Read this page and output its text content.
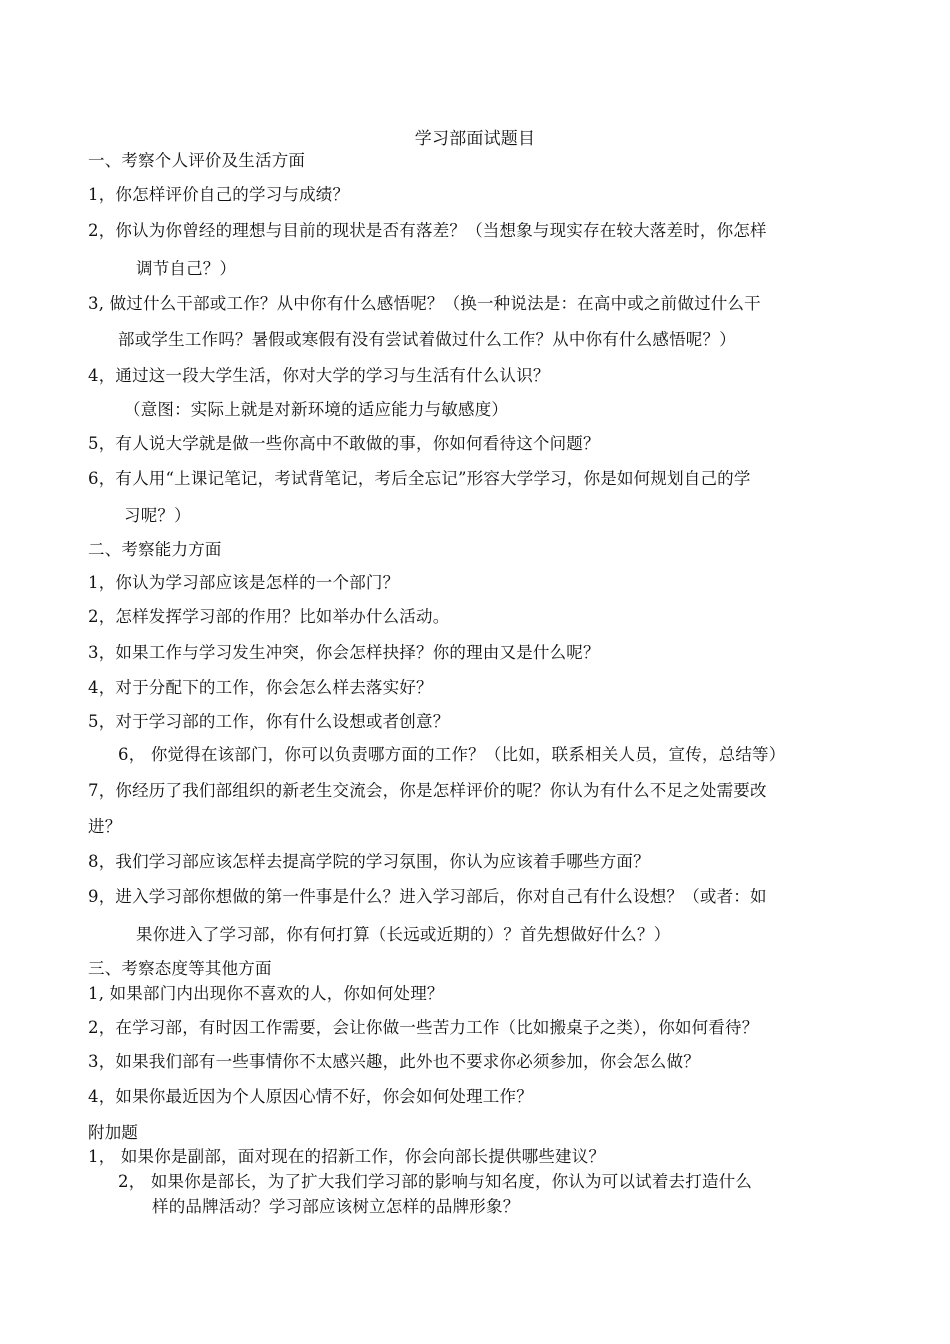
学习部面试题目
一、考察个人评价及生活方面
1，你怎样评价自己的学习与成绩？
2，你认为你曾经的理想与目前的现状是否有落差？（当想象与现实存在较大落差时，你怎样
调节自己？）
3, 做过什么干部或工作？从中你有什么感悟呢？（换一种说法是：在高中或之前做过什么干
部或学生工作吗？暑假或寒假有没有尝试着做过什么工作？从中你有什么感悟呢？）
4，通过这一段大学生活，你对大学的学习与生活有什么认识？
（意图：实际上就是对新环境的适应能力与敏感度）
5，有人说大学就是做一些你高中不敢做的事，你如何看待这个问题？
6，有人用“上课记笔记，考试背笔记，考后全忘记”形容大学学习，你是如何规划自己的学
习呢？）
二、考察能力方面
1，你认为学习部应该是怎样的一个部门？
2，怎样发挥学习部的作用？比如举办什么活动。
3，如果工作与学习发生冲突，你会怎样抉择？你的理由又是什么呢？
4，对于分配下的工作，你会怎么样去落实好？
5，对于学习部的工作，你有什么设想或者创意？
6， 你觉得在该部门，你可以负责哪方面的工作？（比如，联系相关人员，宣传，总结等）
7，你经历了我们部组织的新老生交流会，你是怎样评价的呢？你认为有什么不足之处需要改
进？
8，我们学习部应该怎样去提高学院的学习氛围，你认为应该着手哪些方面？
9，进入学习部你想做的第一件事是什么？进入学习部后，你对自己有什么设想？（或者：如
果你进入了学习部，你有何打算（长远或近期的）？首先想做好什么？）
三、考察态度等其他方面
1, 如果部门内出现你不喜欢的人，你如何处理？
2，在学习部，有时因工作需要，会让你做一些苦力工作（比如搬桌子之类），你如何看待？
3，如果我们部有一些事情你不太感兴趣，此外也不要求你必须参加，你会怎么做？
4，如果你最近因为个人原因心情不好，你会如何处理工作？
附加题
1， 如果你是副部，面对现在的招新工作，你会向部长提供哪些建议？
2， 如果你是部长，为了扩大我们学习部的影响与知名度，你认为可以试着去打造什么
样的品牌活动？学习部应该树立怎样的品牌形象？
